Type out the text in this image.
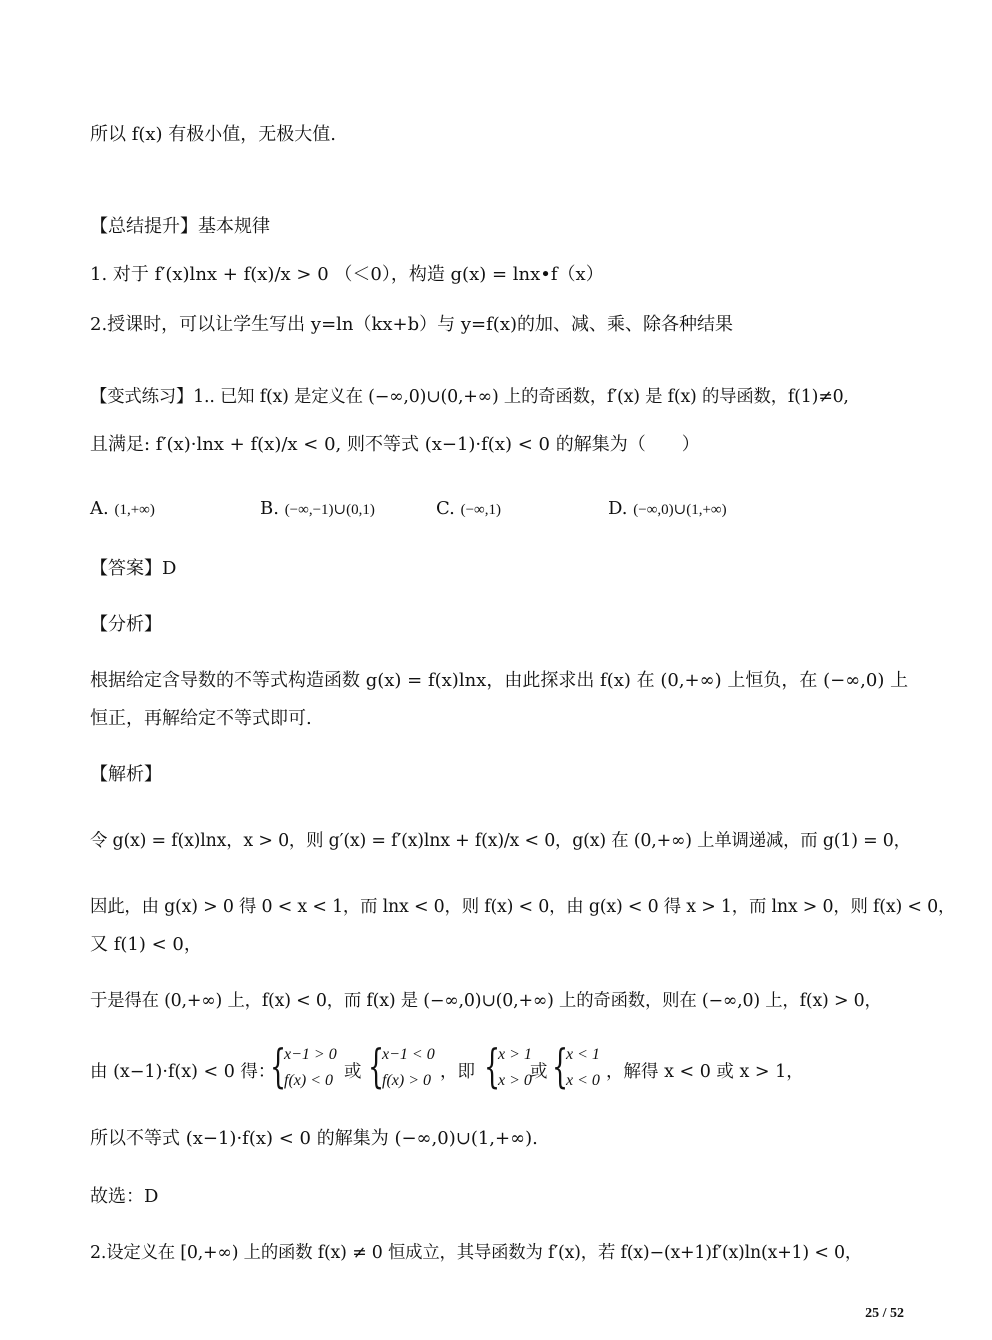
所以 f(x) 有极小值，无极大值.
【总结提升】基本规律
1. 对于 f′(x)lnx + f(x)/x > 0 （＜0），构造 g(x) = lnx•f（x）
2.授课时，可以让学生写出 y=ln（kx+b）与 y=f(x)的加、减、乘、除各种结果
【变式练习】1.. 已知 f(x) 是定义在 (−∞,0)∪(0,+∞) 上的奇函数，f′(x) 是 f(x) 的导函数，f(1)≠0,
且满足: f′(x)·lnx + f(x)/x < 0, 则不等式 (x−1)·f(x) < 0 的解集为（　　）
A. (1,+∞)	B. (−∞,−1)∪(0,1)	C. (−∞,1)	D. (−∞,0)∪(1,+∞)
【答案】D
【分析】
根据给定含导数的不等式构造函数 g(x) = f(x)lnx，由此探求出 f(x) 在 (0,+∞) 上恒负，在 (−∞,0) 上
恒正，再解给定不等式即可.
【解析】
令 g(x) = f(x)lnx，x > 0，则 g′(x) = f′(x)lnx + f(x)/x < 0，g(x) 在 (0,+∞) 上单调递减，而 g(1) = 0，
因此，由 g(x) > 0 得 0 < x < 1，而 lnx < 0，则 f(x) < 0，由 g(x) < 0 得 x > 1，而 lnx > 0，则 f(x) < 0，
又 f(1) < 0，
于是得在 (0,+∞) 上，f(x) < 0，而 f(x) 是 (−∞,0)∪(0,+∞) 上的奇函数，则在 (−∞,0) 上，f(x) > 0，
由 (x−1)·f(x) < 0 得：
{
x−1 > 0
f(x) < 0 或 {
x−1 < 0
f(x) > 0 ，即 {
x > 1
x > 0
或 {
x < 1
x < 0 ，解得 x < 0 或 x > 1，
所以不等式 (x−1)·f(x) < 0 的解集为 (−∞,0)∪(1,+∞).
故选：D
2.设定义在 [0,+∞) 上的函数 f(x) ≠ 0 恒成立，其导函数为 f′(x)，若 f(x)−(x+1)f′(x)ln(x+1) < 0，
25 / 52
